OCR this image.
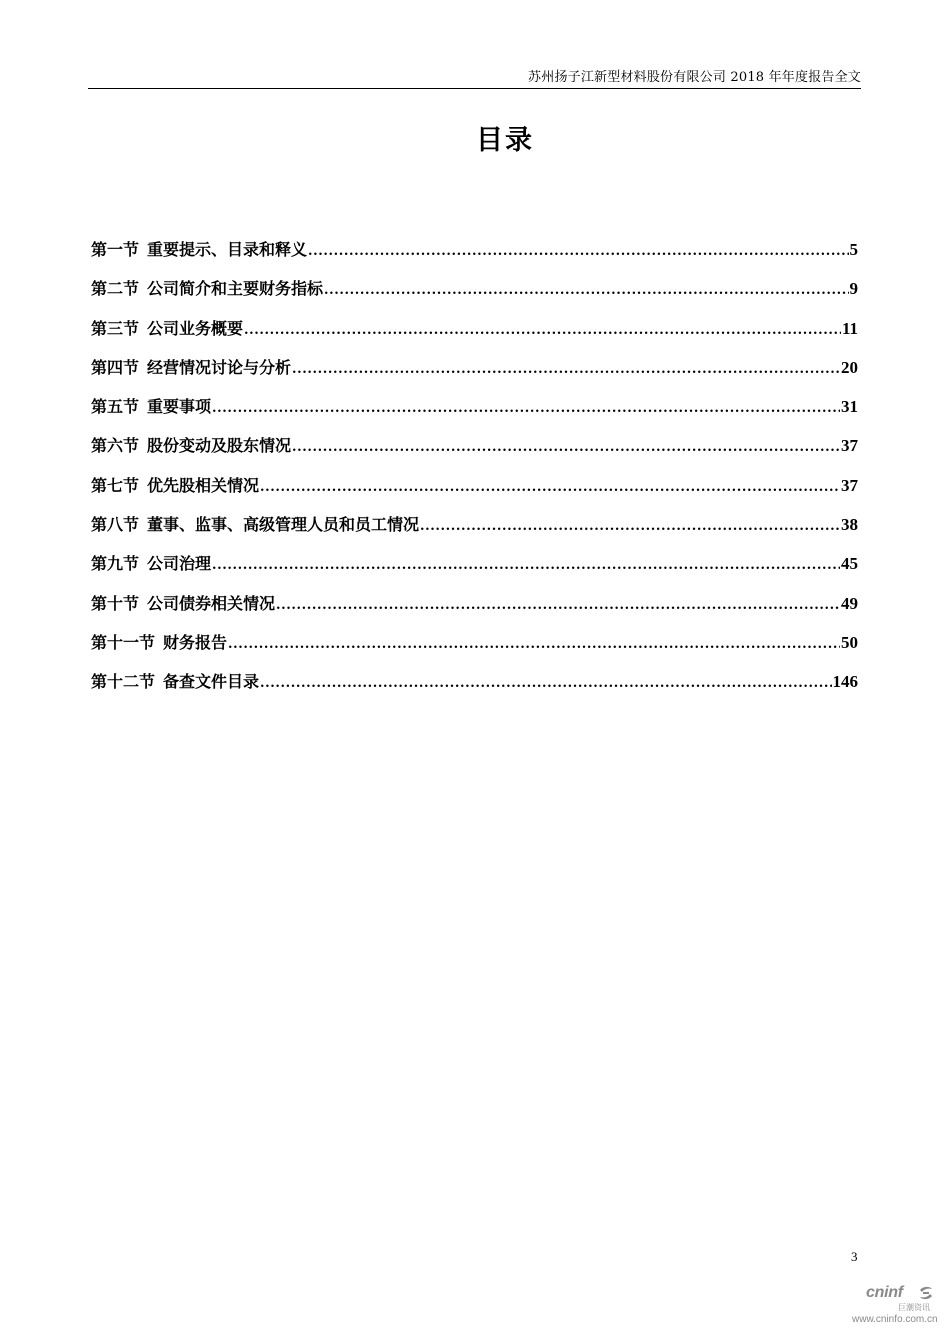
苏州扬子江新型材料股份有限公司 2018 年年度报告全文
目录
第一节 重要提示、目录和释义 .....	5
第二节 公司简介和主要财务指标 .....	9
第三节 公司业务概要 .....	11
第四节 经营情况讨论与分析 .....	20
第五节 重要事项 .....	31
第六节 股份变动及股东情况 .....	37
第七节 优先股相关情况 .....	37
第八节 董事、监事、高级管理人员和员工情况 .....	38
第九节 公司治理 .....	45
第十节 公司债券相关情况 .....	49
第十一节 财务报告 .....	50
第十二节 备查文件目录 .....	146
3
cninf
巨潮资讯
www.cninfo.com.cn
